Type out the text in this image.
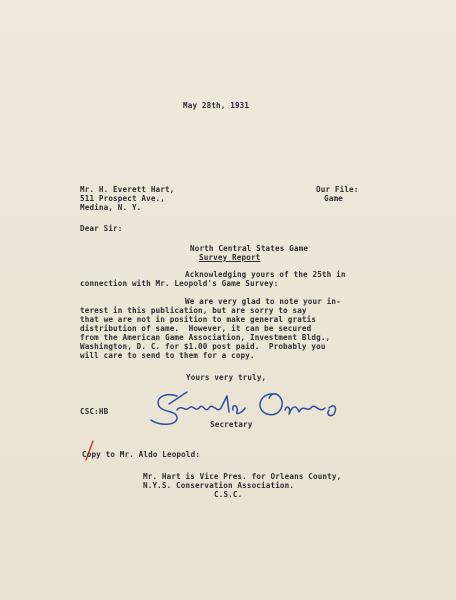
May 28th, 1931

Mr. H. Everett Hart,

511 Prospect Ave.,

Medina, N. Y.

Our File:

Game

Dear Sir:

North Central States Game

Survey Report

Acknowledging yours of the 25th in

connection with Mr. Leopold's Game Survey:

We are very glad to note your in-

terest in this publication, but are sorry to say

that we are not in position to make general gratis

distribution of same.  However, it can be secured

from the American Game Association, Investment Bldg.,

Washington, D. C. for $1.00 post paid.  Probably you

will care to send to them for a copy.

Yours very truly,

Secretary

CSC:HB

Copy to Mr. Aldo Leopold:

Mr. Hart is Vice Pres. for Orleans County,

N.Y.S. Conservation Association.

C.S.C.
